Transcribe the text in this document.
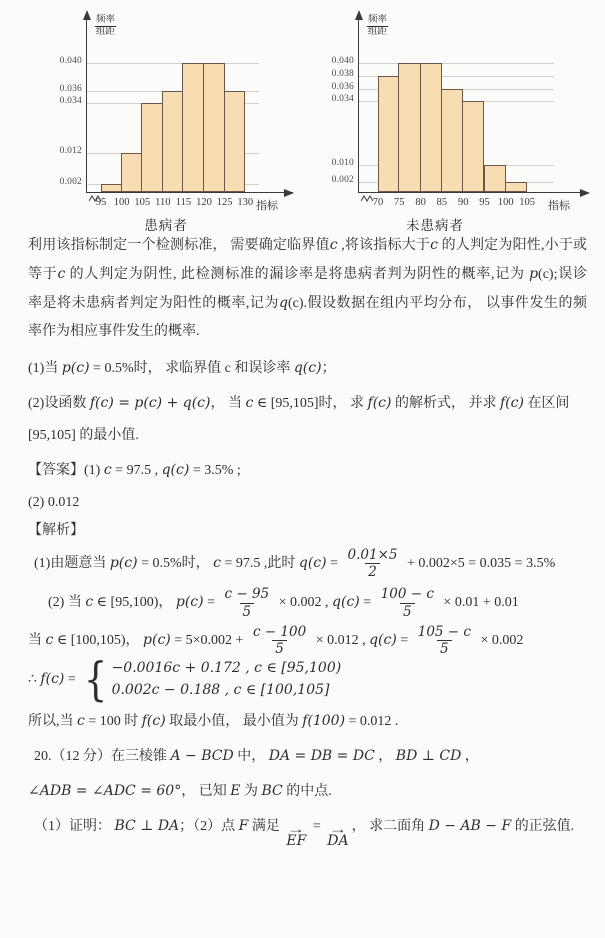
0.002
0.012
0.034
0.036
0.040
频率
组距
95 100 105 110 115 120 125 130 指标
患病者
0.002
0.010
0.034
0.036
0.038
0.040
频率
组距
70 75 80 85 90 95 100 105 指标
未患病者
利用该指标制定一个检测标准， 需要确定临界值c ,将该指标大于c 的人判定为阳性,小于或
等于c 的人判定为阴性, 此检测标准的漏诊率是将患病者判为阴性的概率,记为 p(c);误诊
率是将未患病者判定为阳性的概率,记为q(c).假设数据在组内平均分布， 以事件发生的频
率作为相应事件发生的概率.
(1)当 p(c) = 0.5%时， 求临界值 c 和误诊率 q(c)；
(2)设函数 f(c) = p(c) + q(c)， 当 c ∈ [95,105]时， 求 f(c) 的解析式， 并求 f(c) 在区间
[95,105] 的最小值.
【答案】(1) c = 97.5 , q(c) = 3.5% ;
(2) 0.012
【解析】
(1)由题意当 p(c) = 0.5%时， c = 97.5 ,此时 $q(c) = \frac{0.01\times 5}{2} + 0.002\times 5 = 0.035 = 3.5\%$
(2) 当 c ∈ [95,100)， $p(c) = \frac{c - 95}{5} \times 0.002$ , $q(c) = \frac{100 - c}{5} \times 0.01 + 0.01$
当 c ∈ [100,105)， $p(c) = 5\times 0.002 + \frac{c - 100}{5} \times 0.012$ , $q(c) = \frac{105 - c}{5} \times 0.002$
∴ f(c) = { −0.0016c + 0.172 , c ∈ [95,100)
0.002c − 0.188 , c ∈ [100,105]
所以,当 c = 100 时 f(c) 取最小值， 最小值为 f(100) = 0.012 .
20.（12 分）在三棱锥 A − BCD 中， DA = DB = DC ， BD ⊥ CD ，
∠ADB = ∠ADC = 60°， 已知 E 为 BC 的中点.
（1）证明： BC ⊥ DA；（2）点 F 满足 →
EF
= →
DA
， 求二面角 D − AB − F 的正弦值.
